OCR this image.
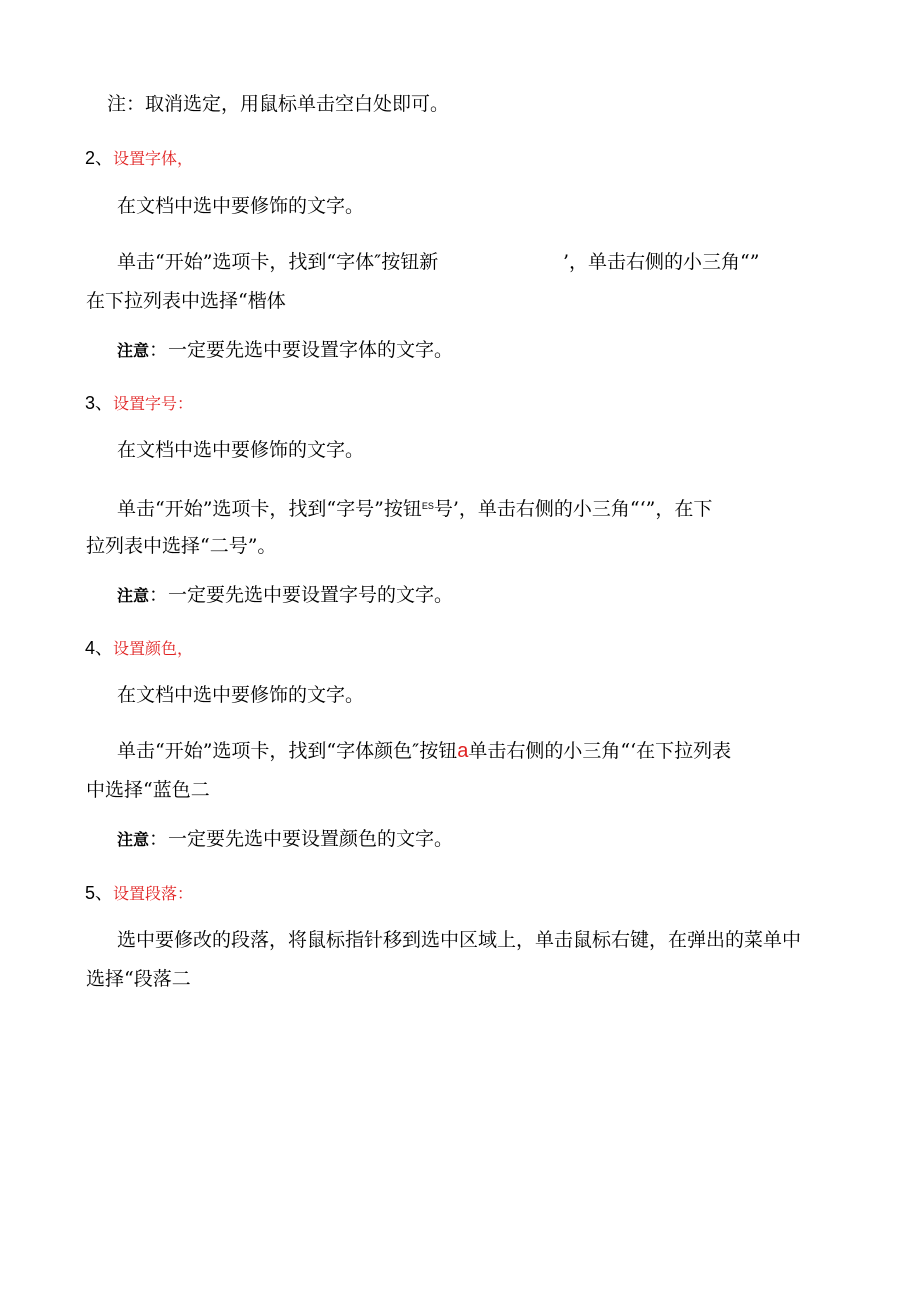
注：取消选定，用鼠标单击空白处即可。
2、设置字体，
在文档中选中要修饰的文字。
单击“开始”选项卡，找到“字体″按钮新	’，单击右侧的小三角“”
在下拉列表中选择“楷体
注意：一定要先选中要设置字体的文字。
3、设置字号：
在文档中选中要修饰的文字。
单击“开始”选项卡，找到“字号”按钮$^{ES}$号’，单击右侧的小三角“‘”，在下
拉列表中选择“二号”。
注意：一定要先选中要设置字号的文字。
4、设置颜色，
在文档中选中要修饰的文字。
单击“开始”选项卡，找到“字体颜色″按钮a单击右侧的小三角“‘在下拉列表
中选择“蓝色二
注意：一定要先选中要设置颜色的文字。
5、设置段落：
选中要修改的段落，将鼠标指针移到选中区域上，单击鼠标右键，在弹出的菜单中
选择“段落二
